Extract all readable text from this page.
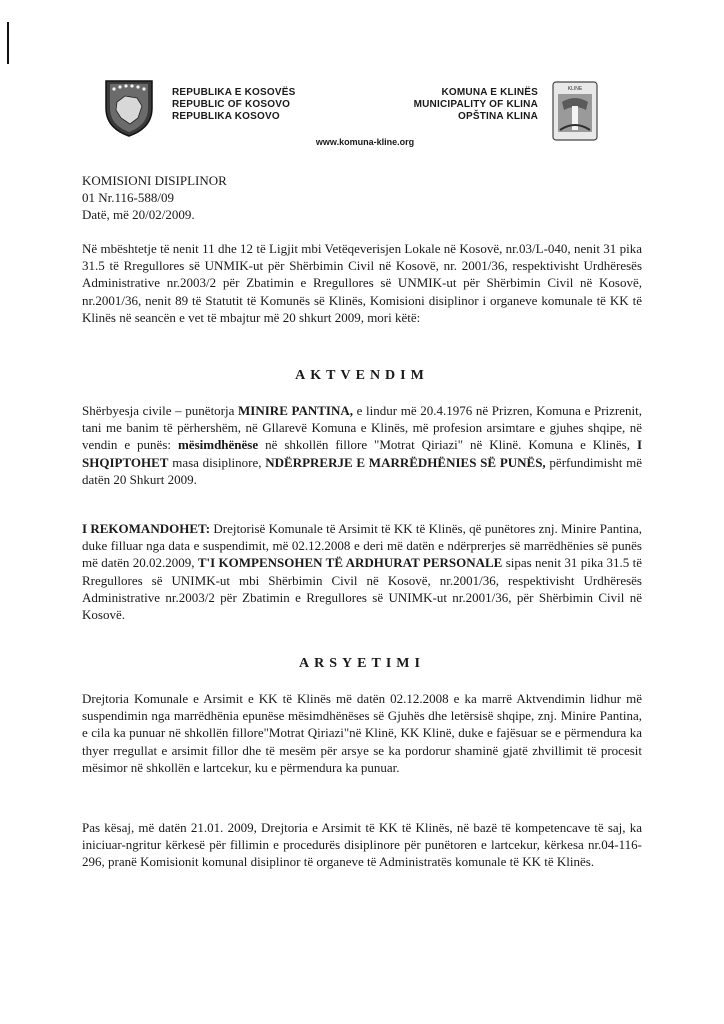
REPUBLIKA E KOSOVËS
REPUBLIC OF KOSOVO
REPUBLIKA KOSOVO
KOMUNA E KLINËS
MUNICIPALITY OF KLINA
OPŠTINA KLINA
KLINE
www.komuna-kline.org
KOMISIONI DISIPLINOR
01 Nr.116-588/09
Datë, më 20/02/2009.
Në mbështetje të nenit 11 dhe 12 të Ligjit mbi Vetëqeverisjen Lokale në Kosovë, nr.03/L-040, nenit 31 pika 31.5 të Rregullores së UNMIK-ut për Shërbimin Civil në Kosovë, nr. 2001/36, respektivisht Urdhëresës Administrative nr.2003/2 për Zbatimin e Rregullores së UNMIK-ut për Shërbimin Civil në Kosovë, nr.2001/36, nenit 89 të Statutit të Komunës së Klinës, Komisioni disiplinor i organeve komunale të KK të Klinës në seancën e vet të mbajtur më 20 shkurt 2009, mori këtë:
AKTVENDIM
Shërbyesja civile – punëtorja MINIRE PANTINA, e lindur më 20.4.1976 në Prizren, Komuna e Prizrenit, tani me banim të përhershëm, në Gllarevë Komuna e Klinës, më profesion arsimtare e gjuhes shqipe, në vendin e punës: mësimdhënëse në shkollën fillore "Motrat Qiriazi" në Klinë. Komuna e Klinës, I SHQIPTOHET masa disiplinore, NDËRPRERJE E MARRËDHËNIES SË PUNËS, përfundimisht më datën 20 Shkurt 2009.
I REKOMANDOHET: Drejtorisë Komunale të Arsimit të KK të Klinës, që punëtores znj. Minire Pantina, duke filluar nga data e suspendimit, më 02.12.2008 e deri më datën e ndërprerjes së marrëdhënies së punës më datën 20.02.2009, T'I KOMPENSOHEN TË ARDHURAT PERSONALE sipas nenit 31 pika 31.5 të Rregullores së UNIMK-ut mbi Shërbimin Civil në Kosovë, nr.2001/36, respektivisht Urdhëresës Administrative nr.2003/2 për Zbatimin e Rregullores së UNIMK-ut nr.2001/36, për Shërbimin Civil në Kosovë.
ARSYETIMI
Drejtoria Komunale e Arsimit e KK të Klinës më datën 02.12.2008 e ka marrë Aktvendimin lidhur më suspendimin nga marrëdhënia epunëse mësimdhënëses së Gjuhës dhe letërsisë shqipe, znj. Minire Pantina, e cila ka punuar në shkollën fillore"Motrat Qiriazi"në Klinë, KK Klinë, duke e fajësuar se e përmendura ka thyer rregullat e arsimit fillor dhe të mesëm për arsye se ka pordorur shaminë gjatë zhvillimit të procesit mësimor në shkollën e lartcekur, ku e përmendura ka punuar.
Pas kësaj, më datën 21.01. 2009, Drejtoria e Arsimit të KK të Klinës, në bazë të kompetencave të saj, ka iniciuar-ngritur kërkesë për fillimin e procedurës disiplinore për punëtoren e lartcekur, kërkesa nr.04-116-296, pranë Komisionit komunal disiplinor të organeve të Administratës komunale të KK të Klinës.
